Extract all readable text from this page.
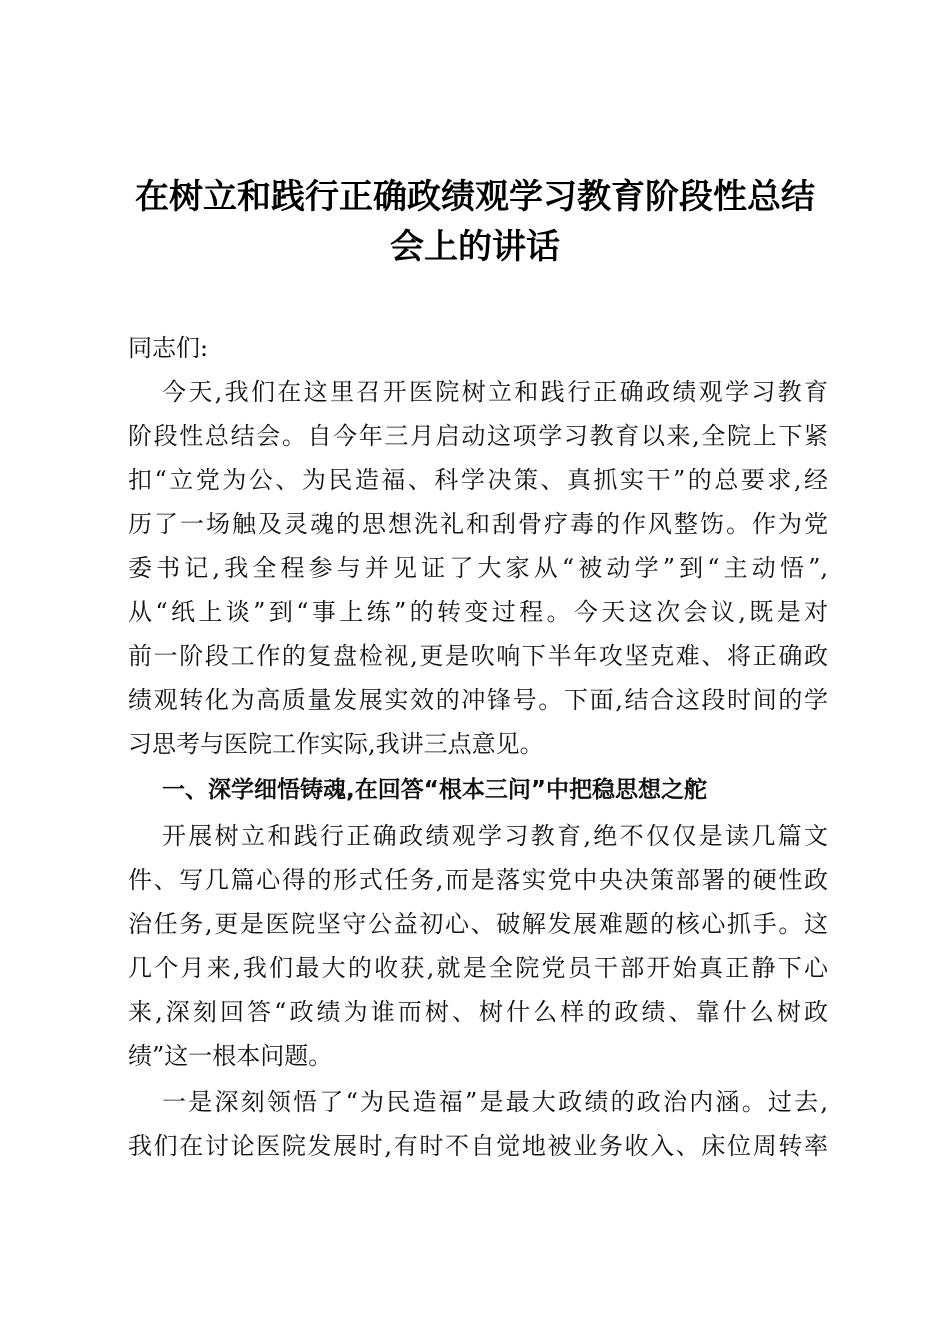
在树立和践行正确政绩观学习教育阶段性总结
会上的讲话

同志们:

今天,我们在这里召开医院树立和践行正确政绩观学习教育

阶段性总结会。自今年三月启动这项学习教育以来,全院上下紧

扣“立党为公、为民造福、科学决策、真抓实干”的总要求,经

历了一场触及灵魂的思想洗礼和刮骨疗毒的作风整饬。作为党

委书记,我全程参与并见证了大家从“被动学”到“主动悟”,

从“纸上谈”到“事上练”的转变过程。今天这次会议,既是对

前一阶段工作的复盘检视,更是吹响下半年攻坚克难、将正确政

绩观转化为高质量发展实效的冲锋号。下面,结合这段时间的学

习思考与医院工作实际,我讲三点意见。

一、深学细悟铸魂,在回答“根本三问”中把稳思想之舵

开展树立和践行正确政绩观学习教育,绝不仅仅是读几篇文

件、写几篇心得的形式任务,而是落实党中央决策部署的硬性政

治任务,更是医院坚守公益初心、破解发展难题的核心抓手。这

几个月来,我们最大的收获,就是全院党员干部开始真正静下心

来,深刻回答“政绩为谁而树、树什么样的政绩、靠什么树政

绩”这一根本问题。

一是深刻领悟了“为民造福”是最大政绩的政治内涵。过去,

我们在讨论医院发展时,有时不自觉地被业务收入、床位周转率
